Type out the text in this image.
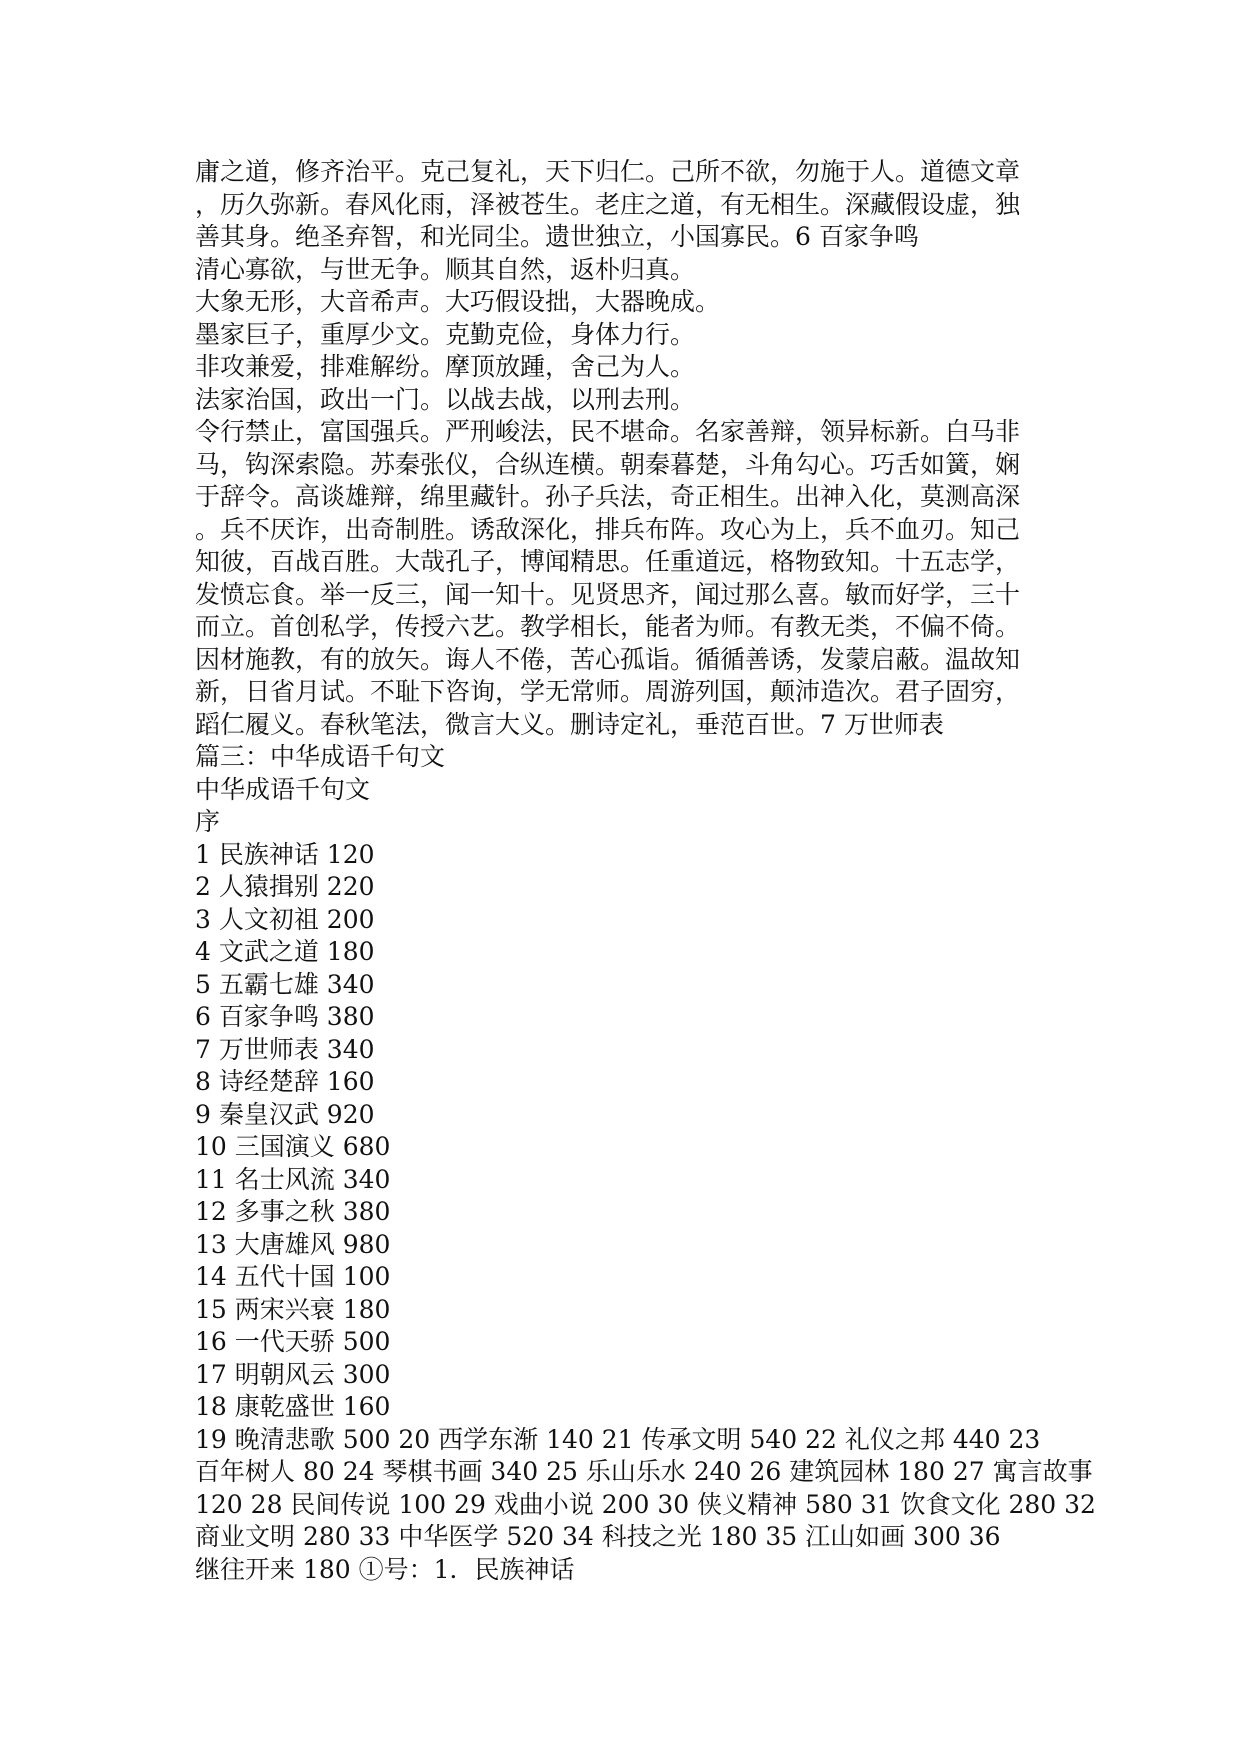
庸之道，修齐治平。克己复礼，天下归仁。己所不欲，勿施于人。道德文章
，历久弥新。春风化雨，泽被苍生。老庄之道，有无相生。深藏假设虚，独
善其身。绝圣弃智，和光同尘。遗世独立，小国寡民。6 百家争鸣
清心寡欲，与世无争。顺其自然，返朴归真。
大象无形，大音希声。大巧假设拙，大器晚成。
墨家巨子，重厚少文。克勤克俭，身体力行。
非攻兼爱，排难解纷。摩顶放踵，舍己为人。
法家治国，政出一门。以战去战，以刑去刑。
令行禁止，富国强兵。严刑峻法，民不堪命。名家善辩，领异标新。白马非
马，钩深索隐。苏秦张仪，合纵连横。朝秦暮楚，斗角勾心。巧舌如簧，娴
于辞令。高谈雄辩，绵里藏针。孙子兵法，奇正相生。出神入化，莫测高深
。兵不厌诈，出奇制胜。诱敌深化，排兵布阵。攻心为上，兵不血刃。知己
知彼，百战百胜。大哉孔子，博闻精思。任重道远，格物致知。十五志学，
发愤忘食。举一反三，闻一知十。见贤思齐，闻过那么喜。敏而好学，三十
而立。首创私学，传授六艺。教学相长，能者为师。有教无类，不偏不倚。
因材施教，有的放矢。诲人不倦，苦心孤诣。循循善诱，发蒙启蔽。温故知
新，日省月试。不耻下咨询，学无常师。周游列国，颠沛造次。君子固穷，
蹈仁履义。春秋笔法，微言大义。删诗定礼，垂范百世。7 万世师表
篇三：中华成语千句文
中华成语千句文
序
1 民族神话 120
2 人猿揖别 220
3 人文初祖 200
4 文武之道 180
5 五霸七雄 340
6 百家争鸣 380
7 万世师表 340
8 诗经楚辞 160
9 秦皇汉武 920
10 三国演义 680
11 名士风流 340
12 多事之秋 380
13 大唐雄风 980
14 五代十国 100
15 两宋兴衰 180
16 一代天骄 500
17 明朝风云 300
18 康乾盛世 160
19 晚清悲歌 500 20 西学东渐 140 21 传承文明 540 22 礼仪之邦 440 23
百年树人 80 24 琴棋书画 340 25 乐山乐水 240 26 建筑园林 180 27 寓言故事
120 28 民间传说 100 29 戏曲小说 200 30 侠义精神 580 31 饮食文化 280 32
商业文明 280 33 中华医学 520 34 科技之光 180 35 江山如画 300 36
继往开来 180 ①号：1．民族神话
